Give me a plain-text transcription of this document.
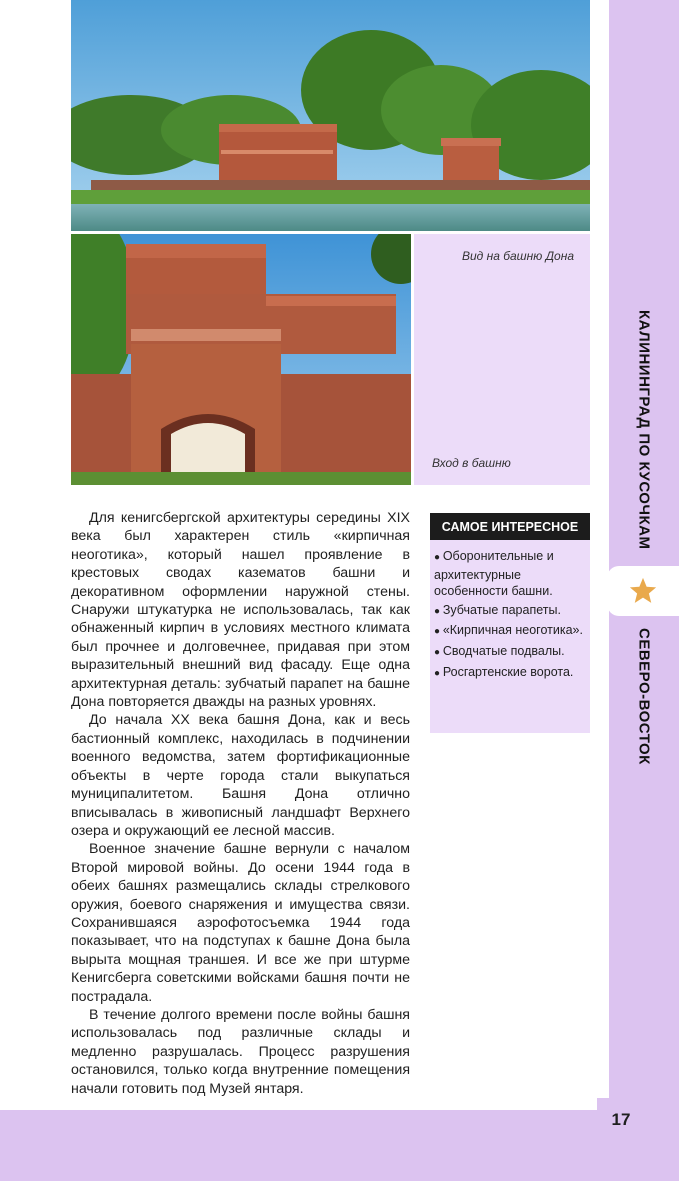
КАЛИНИНГРАД ПО КУСОЧКАМ
СЕВЕРО-ВОСТОК
17
Вид на башню Дона
Вход в башню

Для кенигсбергской архитектуры середины XIX века был характерен стиль «кирпичная неоготика», который нашел проявление в крестовых сводах казематов башни и декоративном оформлении наружной стены. Снаружи штукатурка не использовалась, так как обнаженный кирпич в условиях местного климата был прочнее и долговечнее, придавая при этом выразительный внешний вид фасаду. Еще одна архитектурная деталь: зубчатый парапет на башне Дона повторяется дважды на разных уровнях.

До начала XX века башня Дона, как и весь бастионный комплекс, находилась в подчинении военного ведомства, затем фортификационные объекты в черте города стали выкупаться муниципалитетом. Башня Дона отлично вписывалась в живописный ландшафт Верхнего озера и окружающий ее лесной массив.

Военное значение башне вернули с началом Второй мировой войны. До осени 1944 года в обеих башнях размещались склады стрелкового оружия, боевого снаряжения и имущества связи. Сохранившаяся аэрофотосъемка 1944 года показывает, что на подступах к башне Дона была вырыта мощная траншея. И все же при штурме Кенигсберга советскими войсками башня почти не пострадала.

В течение долгого времени после войны башня использовалась под различные склады и медленно разрушалась. Процесс разрушения остановился, только когда внутренние помещения начали готовить под Музей янтаря.

САМОЕ ИНТЕРЕСНОЕ
● Оборонительные и архитектурные особенности башни.
● Зубчатые парапеты.
● «Кирпичная неоготика».
● Сводчатые подвалы.
● Росгартенские ворота.
